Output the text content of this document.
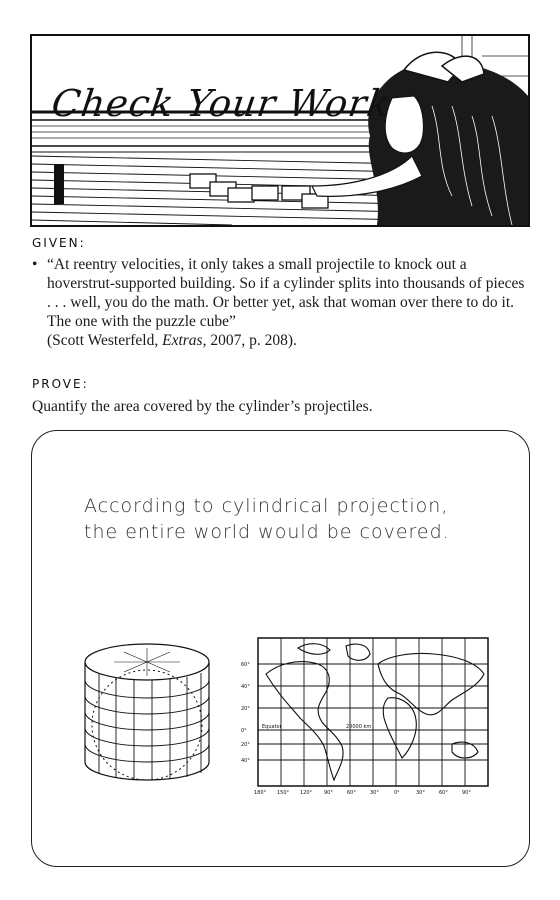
Check Your Work
GIVEN:
• “At reentry velocities, it only takes a small projectile to knock out a hoverstrut-supported building. So if a cylinder splits into thousands of pieces . . . well, you do the math. Or better yet, ask that woman over there to do it. The one with the puzzle cube”
(Scott Westerfeld, Extras, 2007, p. 208).
PROVE:

Quantify the area covered by the cylinder’s projectiles.

According to cylindrical projection,
the entire world would be covered.

60°
40°
20°
0°
20°
40°
180° 150° 120° 90°	60°	30°	0°	30°	60°	90°
Equator	20000 km
